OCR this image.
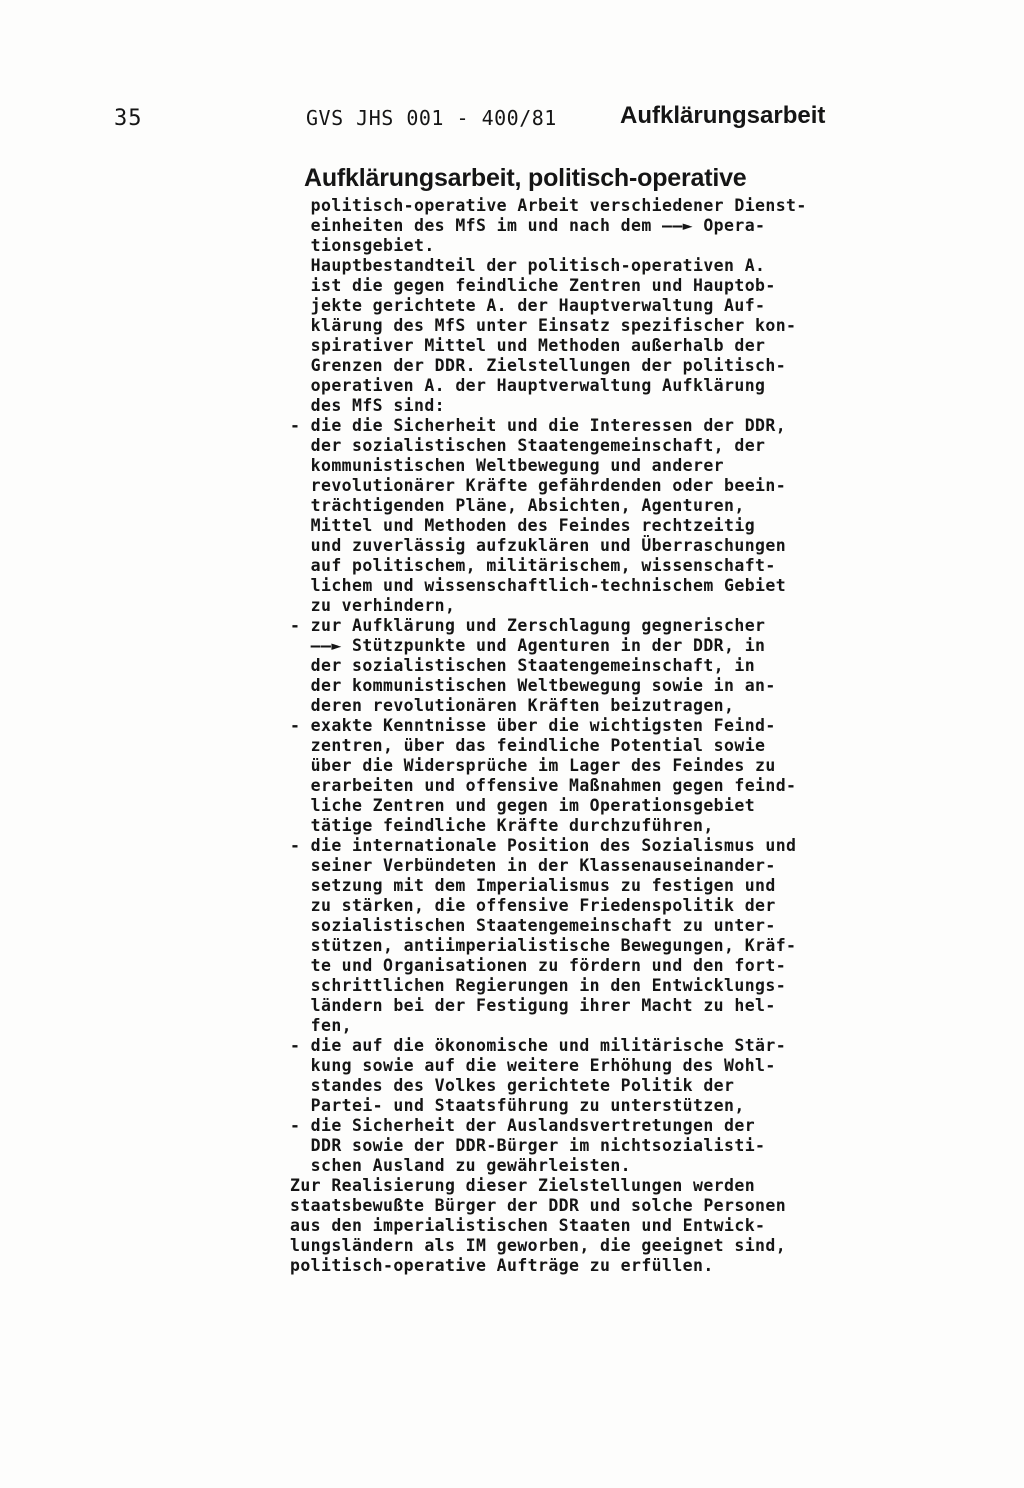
35	GVS JHS 001 - 400/81	Aufklärungsarbeit
Aufklärungsarbeit, politisch-operative
politisch-operative Arbeit verschiedener Dienst-
einheiten des MfS im und nach dem ——► Opera-
tionsgebiet.
Hauptbestandteil der politisch-operativen A.
ist die gegen feindliche Zentren und Hauptob-
jekte gerichtete A. der Hauptverwaltung Auf-
klärung des MfS unter Einsatz spezifischer kon-
spirativer Mittel und Methoden außerhalb der
Grenzen der DDR. Zielstellungen der politisch-
operativen A. der Hauptverwaltung Aufklärung
des MfS sind:
- die die Sicherheit und die Interessen der DDR,
der sozialistischen Staatengemeinschaft, der
kommunistischen Weltbewegung und anderer
revolutionärer Kräfte gefährdenden oder beein-
trächtigenden Pläne, Absichten, Agenturen,
Mittel und Methoden des Feindes rechtzeitig
und zuverlässig aufzuklären und Überraschungen
auf politischem, militärischem, wissenschaft-
lichem und wissenschaftlich-technischem Gebiet
zu verhindern,
- zur Aufklärung und Zerschlagung gegnerischer
——► Stützpunkte und Agenturen in der DDR, in
der sozialistischen Staatengemeinschaft, in
der kommunistischen Weltbewegung sowie in an-
deren revolutionären Kräften beizutragen,
- exakte Kenntnisse über die wichtigsten Feind-
zentren, über das feindliche Potential sowie
über die Widersprüche im Lager des Feindes zu
erarbeiten und offensive Maßnahmen gegen feind-
liche Zentren und gegen im Operationsgebiet
tätige feindliche Kräfte durchzuführen,
- die internationale Position des Sozialismus und
seiner Verbündeten in der Klassenauseinander-
setzung mit dem Imperialismus zu festigen und
zu stärken, die offensive Friedenspolitik der
sozialistischen Staatengemeinschaft zu unter-
stützen, antiimperialistische Bewegungen, Kräf-
te und Organisationen zu fördern und den fort-
schrittlichen Regierungen in den Entwicklungs-
ländern bei der Festigung ihrer Macht zu hel-
fen,
- die auf die ökonomische und militärische Stär-
kung sowie auf die weitere Erhöhung des Wohl-
standes des Volkes gerichtete Politik der
Partei- und Staatsführung zu unterstützen,
- die Sicherheit der Auslandsvertretungen der
DDR sowie der DDR-Bürger im nichtsozialisti-
schen Ausland zu gewährleisten.
Zur Realisierung dieser Zielstellungen werden
staatsbewußte Bürger der DDR und solche Personen
aus den imperialistischen Staaten und Entwick-
lungsländern als IM geworben, die geeignet sind,
politisch-operative Aufträge zu erfüllen.
